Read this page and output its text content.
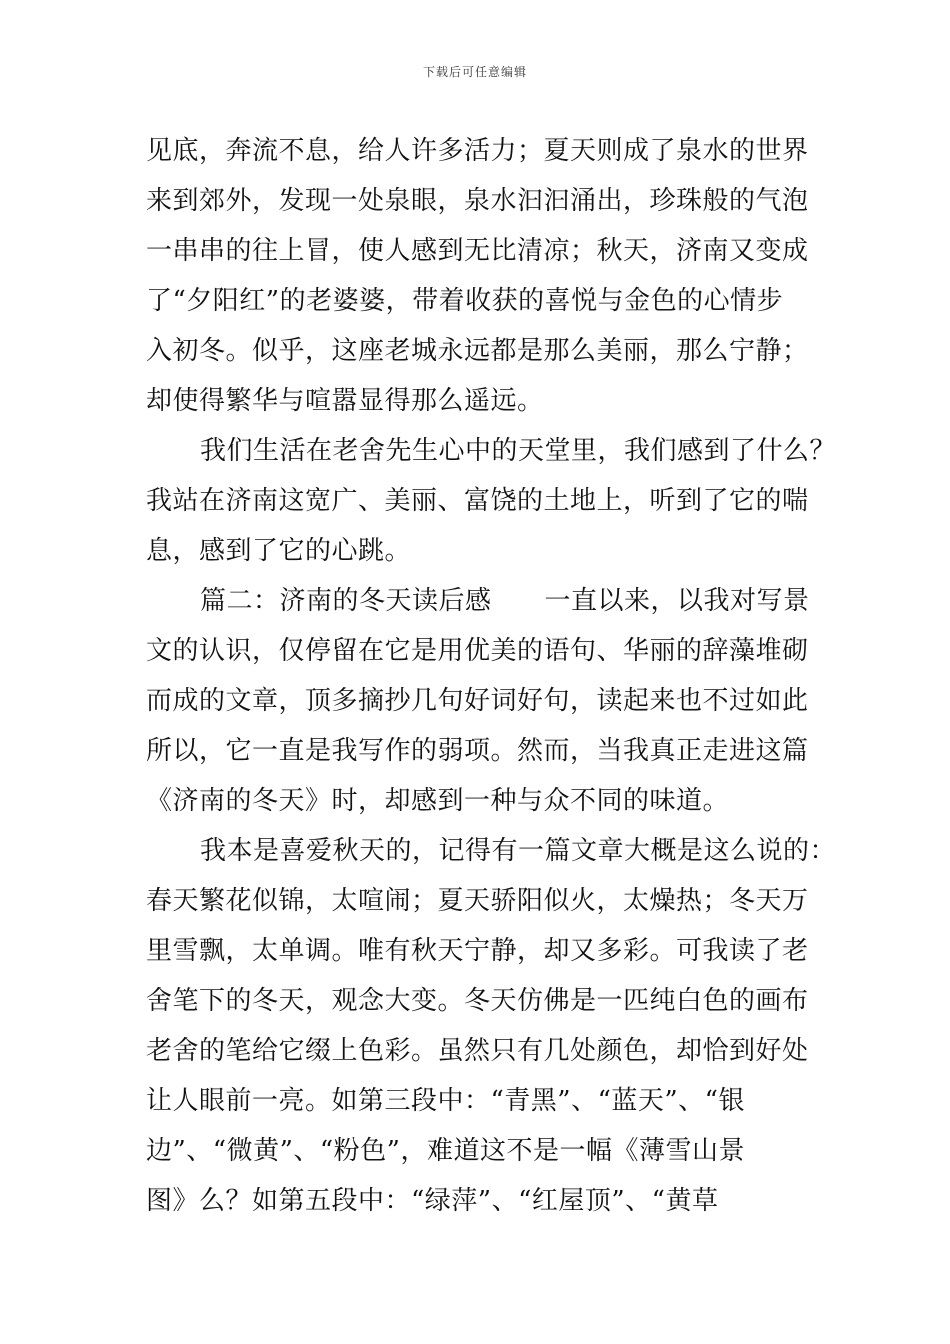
下载后可任意编辑
见底，奔流不息，给人许多活力；夏天则成了泉水的世界
来到郊外，发现一处泉眼，泉水汩汩涌出，珍珠般的气泡
一串串的往上冒，使人感到无比清凉；秋天，济南又变成
了“夕阳红”的老婆婆，带着收获的喜悦与金色的心情步
入初冬。似乎，这座老城永远都是那么美丽，那么宁静；
却使得繁华与喧嚣显得那么遥远。
我们生活在老舍先生心中的天堂里，我们感到了什么？
我站在济南这宽广、美丽、富饶的土地上，听到了它的喘
息，感到了它的心跳。
篇二：济南的冬天读后感　　一直以来，以我对写景
文的认识，仅停留在它是用优美的语句、华丽的辞藻堆砌
而成的文章，顶多摘抄几句好词好句，读起来也不过如此
所以，它一直是我写作的弱项。然而，当我真正走进这篇
《济南的冬天》时，却感到一种与众不同的味道。
我本是喜爱秋天的，记得有一篇文章大概是这么说的：
春天繁花似锦，太喧闹；夏天骄阳似火，太燥热；冬天万
里雪飘，太单调。唯有秋天宁静，却又多彩。可我读了老
舍笔下的冬天，观念大变。冬天仿佛是一匹纯白色的画布
老舍的笔给它缀上色彩。虽然只有几处颜色，却恰到好处
让人眼前一亮。如第三段中：“青黑”、“蓝天”、“银
边”、“微黄”、“粉色”，难道这不是一幅《薄雪山景
图》么？如第五段中：“绿萍”、“红屋顶”、“黄草
